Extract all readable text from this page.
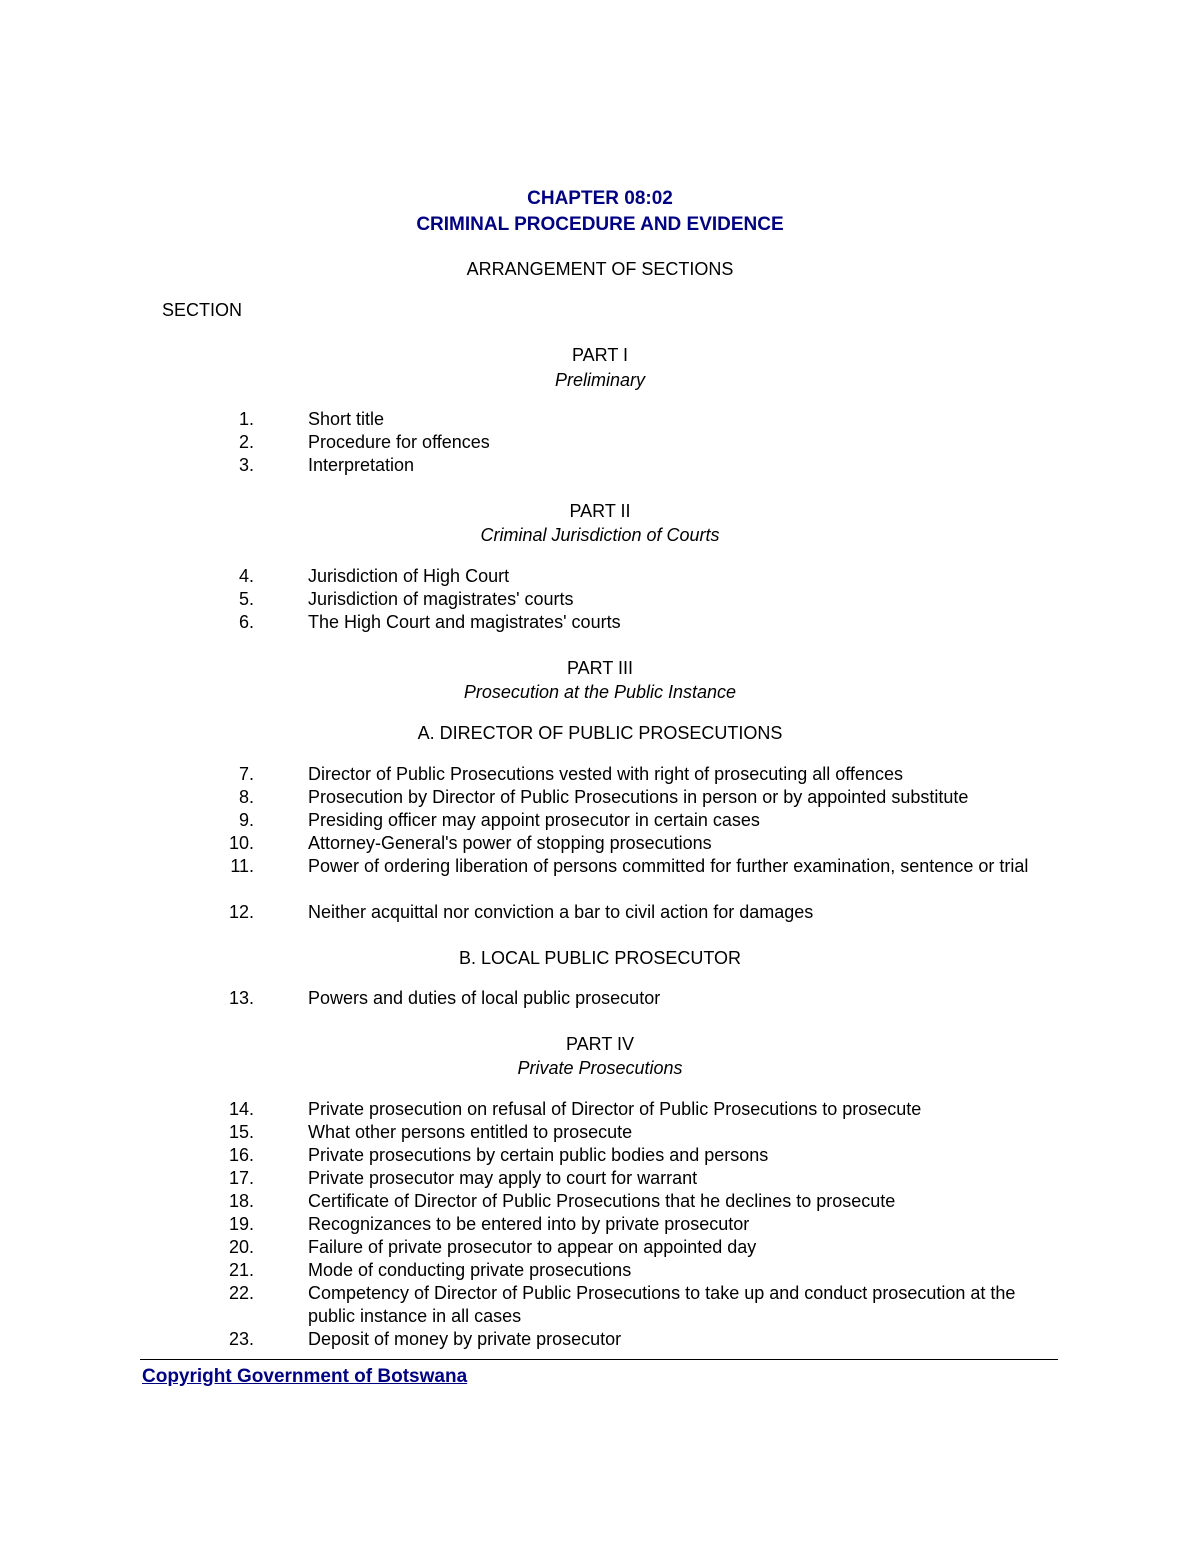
CHAPTER 08:02
CRIMINAL PROCEDURE AND EVIDENCE
ARRANGEMENT OF SECTIONS
SECTION
PART I
Preliminary
1.	Short title
2.	Procedure for offences
3.	Interpretation
PART II
Criminal Jurisdiction of Courts
4.	Jurisdiction of High Court
5.	Jurisdiction of magistrates' courts
6.	The High Court and magistrates' courts
PART III
Prosecution at the Public Instance
A. DIRECTOR OF PUBLIC PROSECUTIONS
7.	Director of Public Prosecutions vested with right of prosecuting all offences
8.	Prosecution by Director of Public Prosecutions in person or by appointed substitute
9.	Presiding officer may appoint prosecutor in certain cases
10.	Attorney-General's power of stopping prosecutions
11.	Power of ordering liberation of persons committed for further examination, sentence or trial
12.	Neither acquittal nor conviction a bar to civil action for damages
B. LOCAL PUBLIC PROSECUTOR
13.	Powers and duties of local public prosecutor
PART IV
Private Prosecutions
14.	Private prosecution on refusal of Director of Public Prosecutions to prosecute
15.	What other persons entitled to prosecute
16.	Private prosecutions by certain public bodies and persons
17.	Private prosecutor may apply to court for warrant
18.	Certificate of Director of Public Prosecutions that he declines to prosecute
19.	Recognizances to be entered into by private prosecutor
20.	Failure of private prosecutor to appear on appointed day
21.	Mode of conducting private prosecutions
22.	Competency of Director of Public Prosecutions to take up and conduct prosecution at the public instance in all cases
23.	Deposit of money by private prosecutor
Copyright Government of Botswana
